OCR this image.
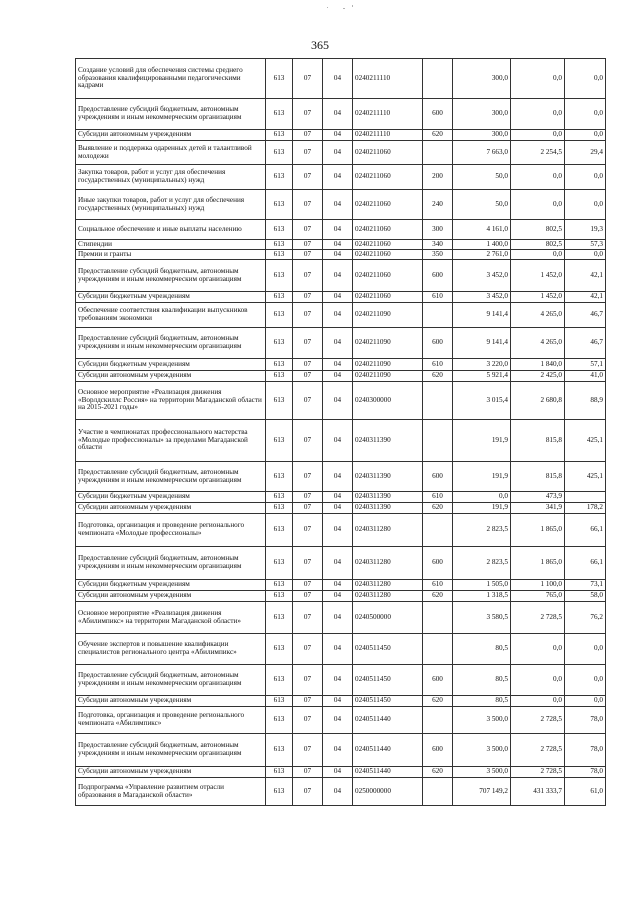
365
Создание условий для обеспечения системы среднего образования квалифицированными педагогическими кадрами	613	07	04	0240211110		300,0	0,0	0,0
Предоставление субсидий бюджетным, автономным учреждениям и иным некоммерческим организациям	613	07	04	0240211110	600	300,0	0,0	0,0
Субсидии автономным учреждениям	613	07	04	0240211110	620	300,0	0,0	0,0
Выявление и поддержка одаренных детей и талантливой молодежи	613	07	04	0240211060		7 663,0	2 254,5	29,4
Закупка товаров, работ и услуг для обеспечения государственных (муниципальных) нужд	613	07	04	0240211060	200	50,0	0,0	0,0
Иные закупки товаров, работ и услуг для обеспечения государственных (муниципальных) нужд	613	07	04	0240211060	240	50,0	0,0	0,0
Социальное обеспечение и иные выплаты населению	613	07	04	0240211060	300	4 161,0	802,5	19,3
Стипендии	613	07	04	0240211060	340	1 400,0	802,5	57,3
Премии и гранты	613	07	04	0240211060	350	2 761,0	0,0	0,0
Предоставление субсидий бюджетным, автономным учреждениям и иным некоммерческим организациям	613	07	04	0240211060	600	3 452,0	1 452,0	42,1
Субсидии бюджетным учреждениям	613	07	04	0240211060	610	3 452,0	1 452,0	42,1
Обеспечение соответствия квалификации выпускников требованиям экономики	613	07	04	0240211090		9 141,4	4 265,0	46,7
Предоставление субсидий бюджетным, автономным учреждениям и иным некоммерческим организациям	613	07	04	0240211090	600	9 141,4	4 265,0	46,7
Субсидии бюджетным учреждениям	613	07	04	0240211090	610	3 220,0	1 840,0	57,1
Субсидии автономным учреждениям	613	07	04	0240211090	620	5 921,4	2 425,0	41,0
Основное мероприятие «Реализация движения «Ворлдскиллс Россия» на территории Магаданской области на 2015-2021 годы»	613	07	04	0240300000		3 015,4	2 680,8	88,9
Участие в чемпионатах профессионального мастерства «Молодые профессионалы» за пределами Магаданской области	613	07	04	0240311390		191,9	815,8	425,1
Предоставление субсидий бюджетным, автономным учреждениям и иным некоммерческим организациям	613	07	04	0240311390	600	191,9	815,8	425,1
Субсидии бюджетным учреждениям	613	07	04	0240311390	610	0,0	473,9	
Субсидии автономным учреждениям	613	07	04	0240311390	620	191,9	341,9	178,2
Подготовка, организация и проведение регионального чемпионата «Молодые профессионалы»	613	07	04	0240311280		2 823,5	1 865,0	66,1
Предоставление субсидий бюджетным, автономным учреждениям и иным некоммерческим организациям	613	07	04	0240311280	600	2 823,5	1 865,0	66,1
Субсидии бюджетным учреждениям	613	07	04	0240311280	610	1 505,0	1 100,0	73,1
Субсидии автономным учреждениям	613	07	04	0240311280	620	1 318,5	765,0	58,0
Основное мероприятие «Реализация движения «Абилимпикс» на территории Магаданской области»	613	07	04	0240500000		3 580,5	2 728,5	76,2
Обучение экспертов и повышение квалификации специалистов регионального центра «Абилимпикс»	613	07	04	0240511450		80,5	0,0	0,0
Предоставление субсидий бюджетным, автономным учреждениям и иным некоммерческим организациям	613	07	04	0240511450	600	80,5	0,0	0,0
Субсидии автономным учреждениям	613	07	04	0240511450	620	80,5	0,0	0,0
Подготовка, организация и проведение регионального чемпионата «Абилимпикс»	613	07	04	0240511440		3 500,0	2 728,5	78,0
Предоставление субсидий бюджетным, автономным учреждениям и иным некоммерческим организациям	613	07	04	0240511440	600	3 500,0	2 728,5	78,0
Субсидии автономным учреждениям	613	07	04	0240511440	620	3 500,0	2 728,5	78,0
Подпрограмма «Управление развитием отрасли образования в Магаданской области»	613	07	04	0250000000		707 149,2	431 333,7	61,0
